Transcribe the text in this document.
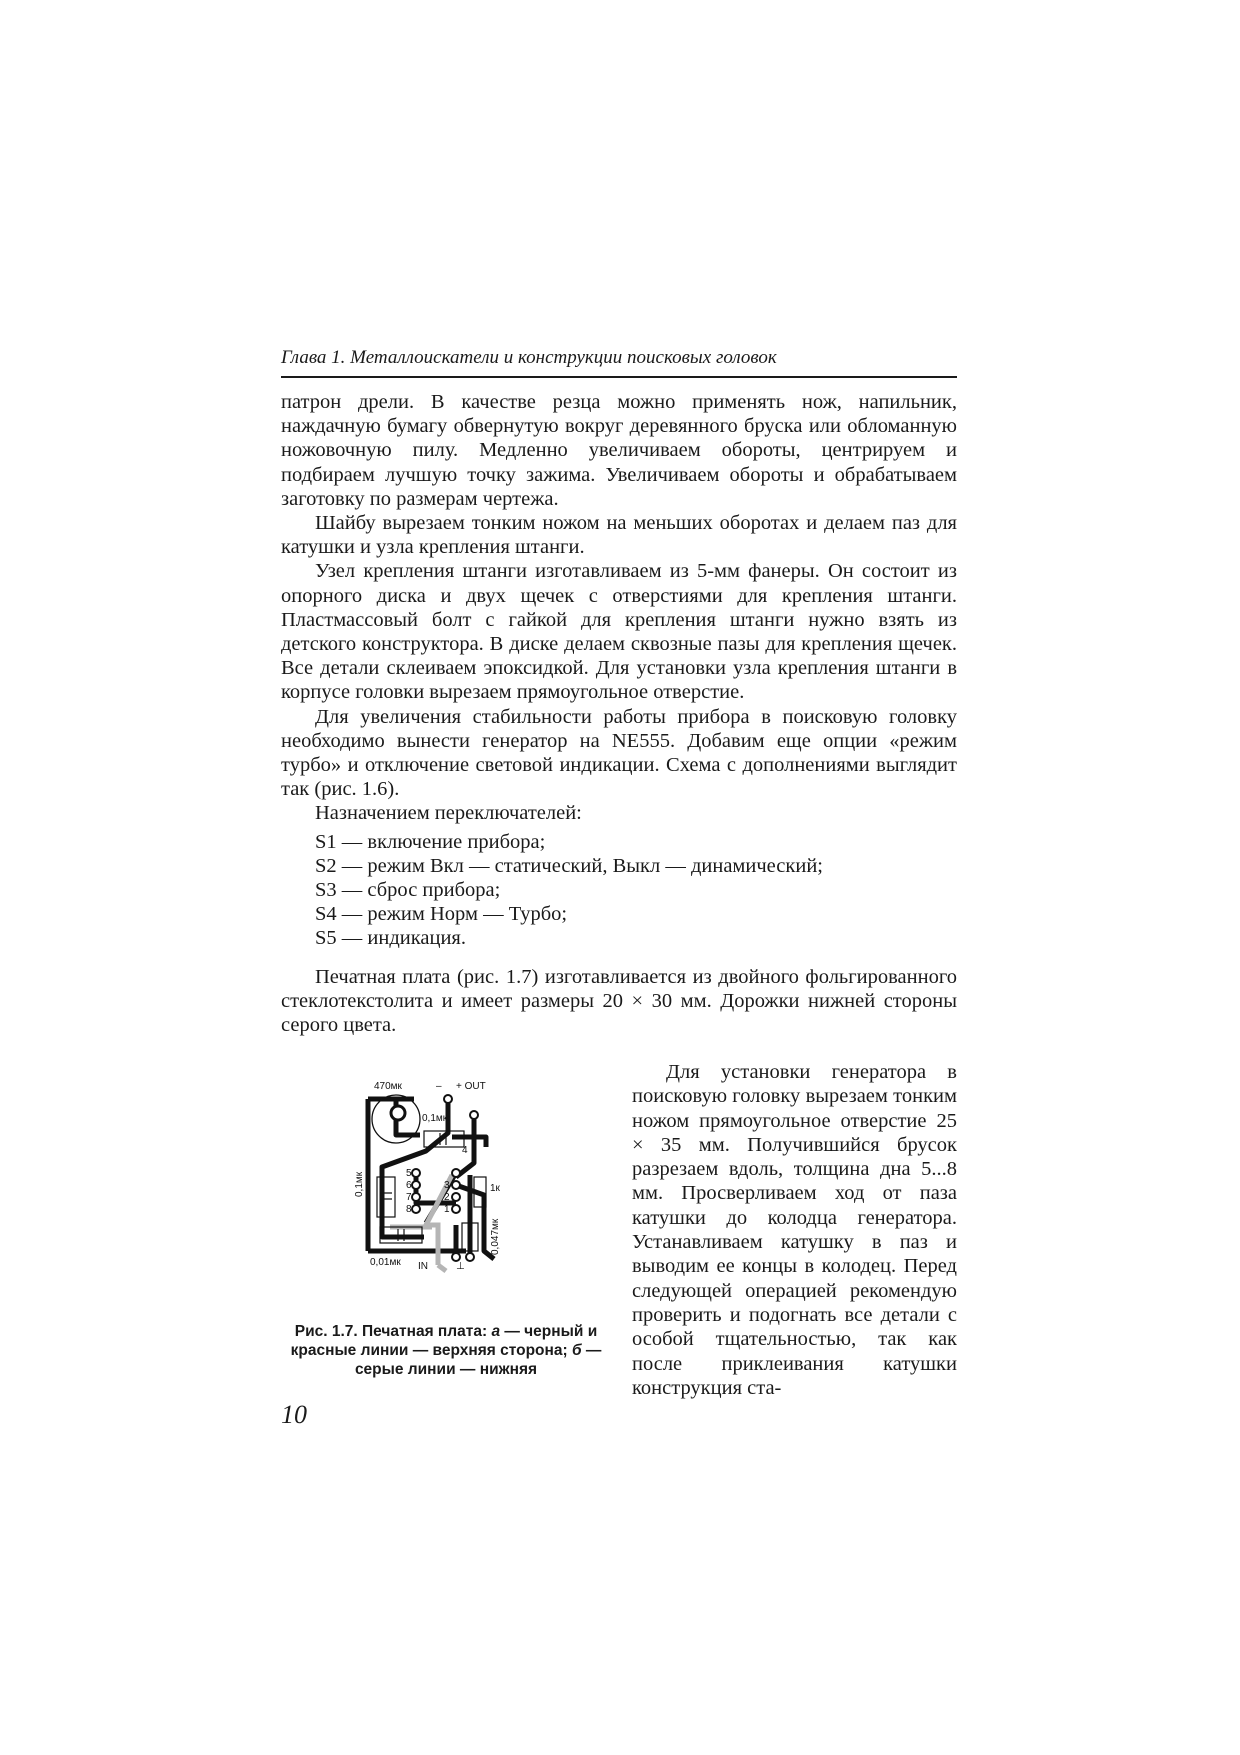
Глава 1. Металлоискатели и конструкции поисковых головок

патрон дрели. В качестве резца можно применять нож, напильник, наждачную бумагу обвернутую вокруг деревянного бруска или обломанную ножовочную пилу. Медленно увеличиваем обороты, центрируем и подбираем лучшую точку зажима. Увеличиваем обороты и обрабатываем заготовку по размерам чертежа.

Шайбу вырезаем тонким ножом на меньших оборотах и делаем паз для катушки и узла крепления штанги.

Узел крепления штанги изготавливаем из 5-мм фанеры. Он состоит из опорного диска и двух щечек с отверстиями для крепления штанги. Пластмассовый болт с гайкой для крепления штанги нужно взять из детского конструктора. В диске делаем сквозные пазы для крепления щечек. Все детали склеиваем эпоксидкой. Для установки узла крепления штанги в корпусе головки вырезаем прямоугольное отверстие.

Для увеличения стабильности работы прибора в поисковую головку необходимо вынести генератор на NE555. Добавим еще опции «режим турбо» и отключение световой индикации. Схема с дополнениями выглядит так (рис. 1.6).

Назначением переключателей:

S1 — включение прибора;
S2 — режим Вкл — статический, Выкл — динамический;
S3 — сброс прибора;
S4 — режим Норм — Турбо;
S5 — индикация.

Печатная плата (рис. 1.7) изготавливается из двойного фольгированного стеклотекстолита и имеет размеры 20 × 30 мм. Дорожки нижней стороны серого цвета.

470мк	– + OUT
0,1мк
0,1мк
0,01мк
0,047мк
1к
IN	⊥
4
5
6
7
8
3
2
1
Рис. 1.7. Печатная плата: а — черный и красные линии — верхняя сторона; б — серые линии — нижняя

Для установки генератора в поисковую головку вырезаем тонким ножом прямоугольное отверстие 25 × 35 мм. Получившийся брусок разрезаем вдоль, толщина дна 5...8 мм. Просверливаем ход от паза катушки до колодца генератора. Устанавливаем катушку в паз и выводим ее концы в колодец. Перед следующей операцией рекомендую проверить и подогнать все детали с особой тщательностью, так как после приклеивания катушки конструкция ста-

10
